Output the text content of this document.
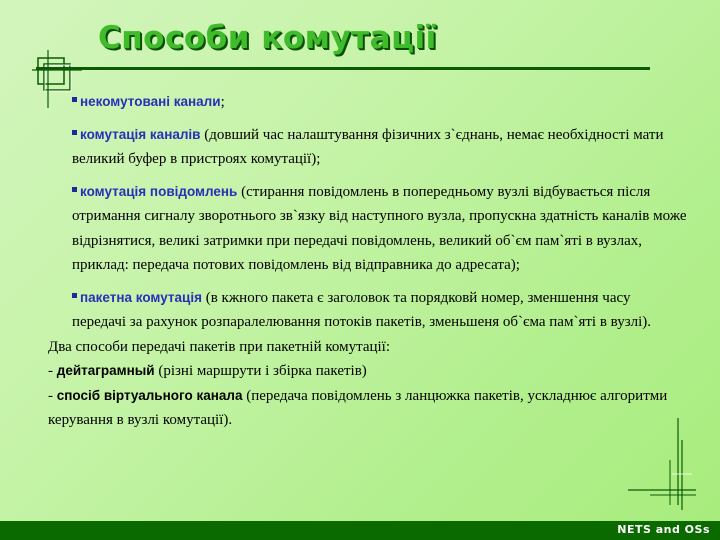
Способи комутації
некомутовані канали;
комутація каналів (довший час налаштування фізичних з`єднань, немає необхідності мати великий буфер в пристроях комутації);
комутація повідомлень (стирання повідомлень в попередньому вузлі відбувається після отримання сигналу зворотнього зв`язку від наступного вузла, пропускна здатність каналів може відрізнятися, великі затримки при передачі повідомлень, великий об`єм пам`яті в вузлах, приклад: передача потових повідомлень від відправника до адресата);
пакетна комутація (в кжного пакета є заголовок та порядковй номер, зменшення часу передачі за рахунок розпаралелювання потоків пакетів, зменьшеня об`єма пам`яті в вузлі).
Два способи передачі пакетів при пакетній комутації:
- дейтаграмный (різні маршрути і збірка пакетів)
- спосіб віртуального канала (передача повідомлень з ланцюжка пакетів, ускладнює алгоритми керування в вузлі комутації).
NETS and OSs
